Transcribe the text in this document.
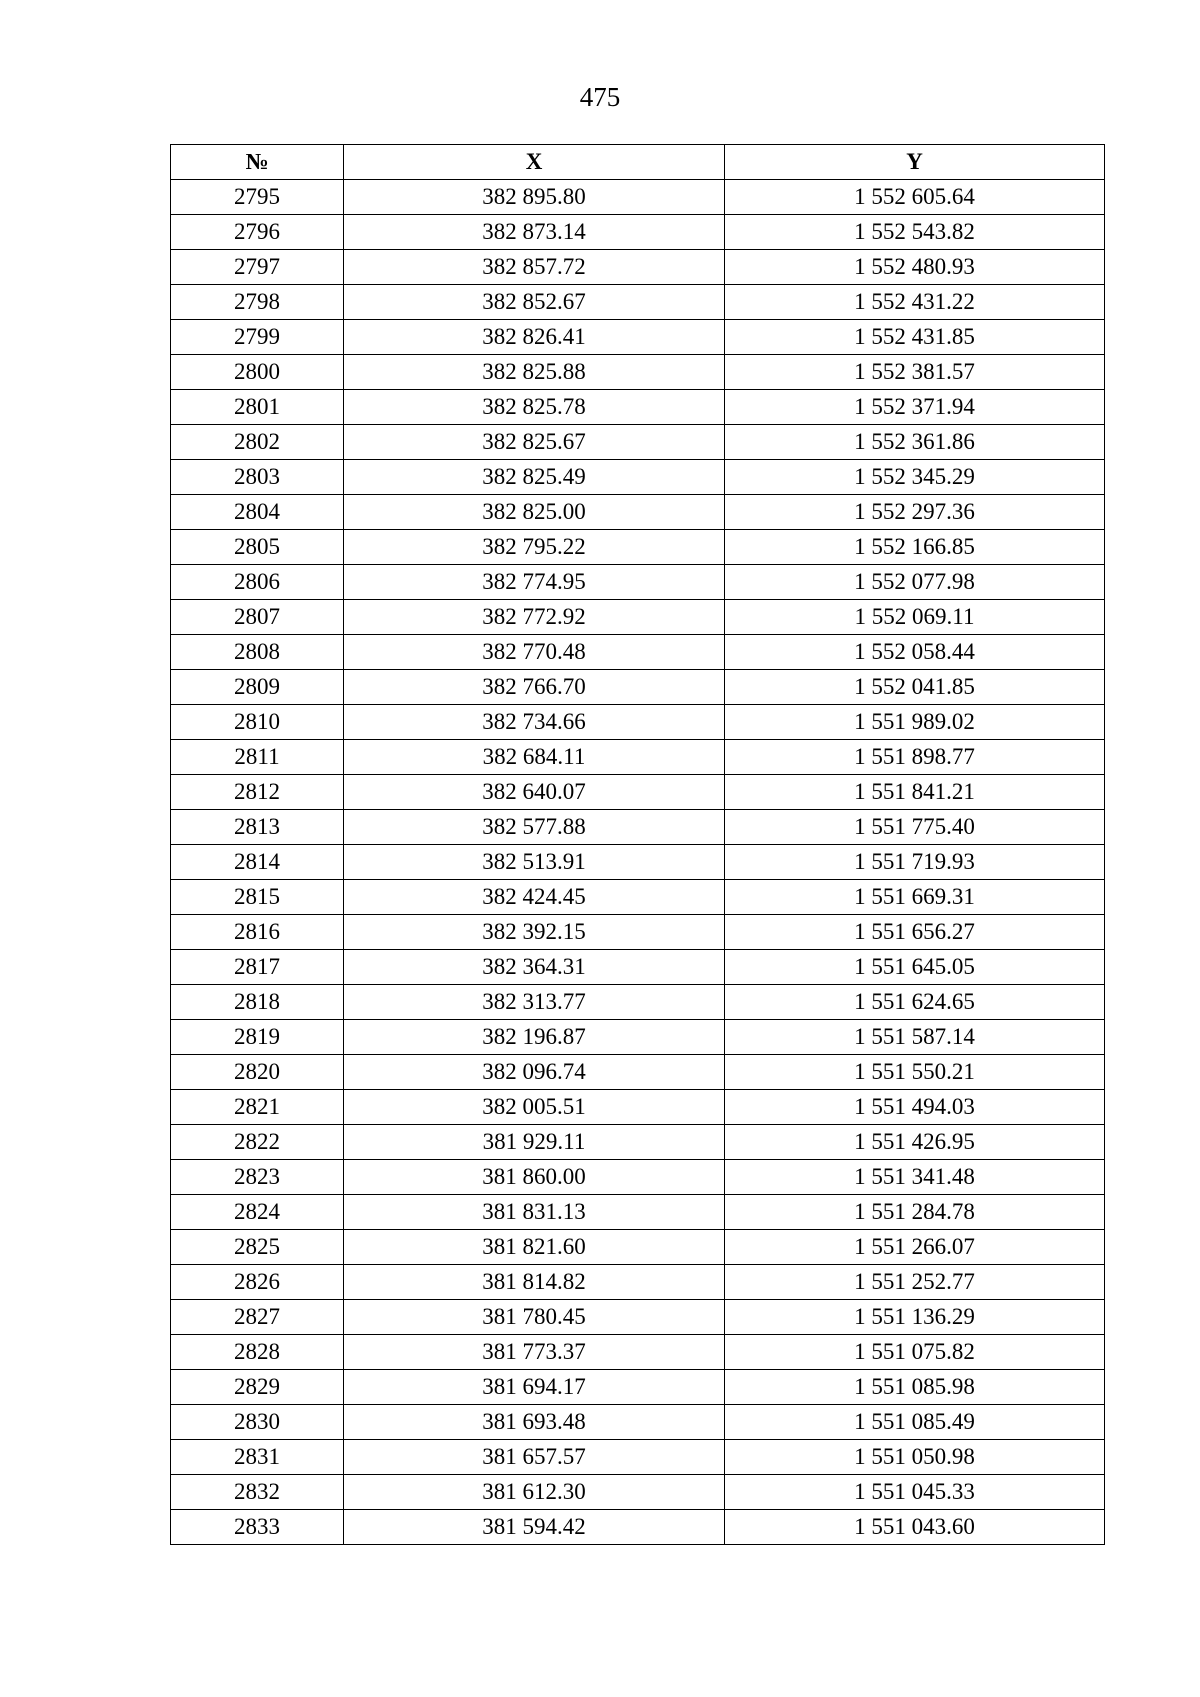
475
№	X	Y
2795	382 895.80	1 552 605.64
2796	382 873.14	1 552 543.82
2797	382 857.72	1 552 480.93
2798	382 852.67	1 552 431.22
2799	382 826.41	1 552 431.85
2800	382 825.88	1 552 381.57
2801	382 825.78	1 552 371.94
2802	382 825.67	1 552 361.86
2803	382 825.49	1 552 345.29
2804	382 825.00	1 552 297.36
2805	382 795.22	1 552 166.85
2806	382 774.95	1 552 077.98
2807	382 772.92	1 552 069.11
2808	382 770.48	1 552 058.44
2809	382 766.70	1 552 041.85
2810	382 734.66	1 551 989.02
2811	382 684.11	1 551 898.77
2812	382 640.07	1 551 841.21
2813	382 577.88	1 551 775.40
2814	382 513.91	1 551 719.93
2815	382 424.45	1 551 669.31
2816	382 392.15	1 551 656.27
2817	382 364.31	1 551 645.05
2818	382 313.77	1 551 624.65
2819	382 196.87	1 551 587.14
2820	382 096.74	1 551 550.21
2821	382 005.51	1 551 494.03
2822	381 929.11	1 551 426.95
2823	381 860.00	1 551 341.48
2824	381 831.13	1 551 284.78
2825	381 821.60	1 551 266.07
2826	381 814.82	1 551 252.77
2827	381 780.45	1 551 136.29
2828	381 773.37	1 551 075.82
2829	381 694.17	1 551 085.98
2830	381 693.48	1 551 085.49
2831	381 657.57	1 551 050.98
2832	381 612.30	1 551 045.33
2833	381 594.42	1 551 043.60
